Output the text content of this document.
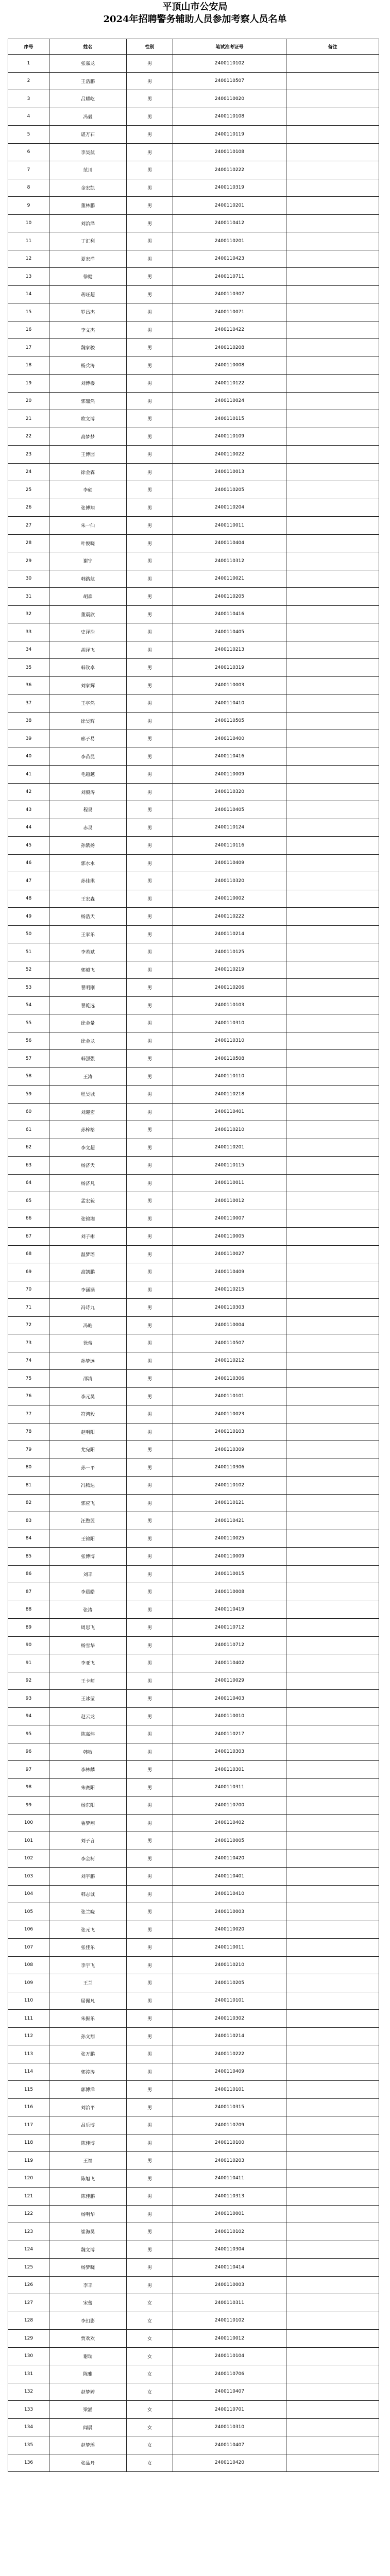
平顶山市公安局
2024年招聘警务辅助人员参加考察人员名单
序号	姓名	性别	笔试准考证号	备注
1	张嘉龙	男	2400110102	
2	王浩鹏	男	2400110507	
3	吕耀屹	男	2400110020	
4	冯毅	男	2400110108	
5	谌万石	男	2400110119	
6	李昊航	男	2400110108	
7	范川	男	2400110222	
8	金宏凯	男	2400110319	
9	董林鹏	男	2400110201	
10	刘治泽	男	2400110412	
11	丁汇利	男	2400110201	
12	夏宏洋	男	2400110423	
13	徐健	男	2400110711	
14	蒋旺超	男	2400110307	
15	罗昌杰	男	2400110071	
16	李文杰	男	2400110422	
17	魏家骏	男	2400110208	
18	杨兵涛	男	2400110008	
19	刘博楼	男	2400110122	
20	郭鼎然	男	2400110024	
21	欧文博	男	2400110115	
22	高梦梦	男	2400110109	
23	王博园	男	2400110022	
24	徐金霖	男	2400110013	
25	李硕	男	2400110205	
26	张博翔	男	2400110204	
27	朱一仙	男	2400110011	
28	叶俊晓	男	2400110404	
29	谢宁	男	2400110312	
30	韩路航	男	2400110021	
31	胡森	男	2400110205	
32	董震欣	男	2400110416	
33	史泽浩	男	2400110405	
34	胡泽飞	男	2400110213	
35	韩钦卓	男	2400110319	
36	刘家辉	男	2400110003	
37	王亭然	男	2400110410	
38	徐昊辉	男	2400110505	
39	邢子易	男	2400110400	
40	李苗昆	男	2400110416	
41	毛超越	男	2400110009	
42	刘毅涛	男	2400110320	
43	程昊	男	2400110405	
44	赤灵	男	2400110124	
45	孙紫扬	男	2400110116	
46	郭水水	男	2400110409	
47	孙佳琪	男	2400110320	
48	王宏森	男	2400110002	
49	杨浩天	男	2400110222	
50	王家乐	男	2400110214	
51	李若斌	男	2400110125	
52	郭毅飞	男	2400110219	
53	翟明刚	男	2400110206	
54	翟乾远	男	2400110103	
55	徐金量	男	2400110310	
56	徐金龙	男	2400110310	
57	韩强强	男	2400110508	
58	王涛	男	2400110110	
59	程昊城	男	2400110218	
60	刘迎宏	男	2400110401	
61	孙梓榕	男	2400110210	
62	李文超	男	2400110201	
63	杨济天	男	2400110115	
64	杨济凡	男	2400110011	
65	孟宏毅	男	2400110012	
66	张锦湘	男	2400110007	
67	刘子彬	男	2400110005	
68	温梦瑶	男	2400110027	
69	高凯鹏	男	2400110409	
70	李涵涵	男	2400110215	
71	冯诗九	男	2400110303	
72	冯皓	男	2400110004	
73	徐帝	男	2400110507	
74	孙梦远	男	2400110212	
75	邵清	男	2400110306	
76	李元昊	男	2400110101	
77	符鸿毅	男	2400110023	
78	赵明阳	男	2400110103	
79	尤宛阳	男	2400110309	
80	孙一平	男	2400110306	
81	冯腾达	男	2400110102	
82	郭应飞	男	2400110121	
83	汪煦盟	男	2400110421	
84	王锦阳	男	2400110025	
85	张博博	男	2400110009	
86	刘丰	男	2400110015	
87	李晨皓	男	2400110008	
88	张涛	男	2400110419	
89	周思飞	男	2400110712	
90	杨雪华	男	2400110712	
91	李亚飞	男	2400110402	
92	王卡师	男	2400110029	
93	王冰莹	男	2400110403	
94	赵云龙	男	2400110010	
95	陈嘉炜	男	2400110217	
96	韩敏	男	2400110303	
97	李林麟	男	2400110301	
98	朱赛阳	男	2400110311	
99	杨东阳	男	2400110700	
100	鲁梦翔	男	2400110402	
101	刘子言	男	2400110005	
102	李金柯	男	2400110420	
103	刘宇鹏	男	2400110401	
104	韩志诚	男	2400110410	
105	张兰晓	男	2400110003	
106	张元飞	男	2400110020	
107	张佳乐	男	2400110011	
108	李宇飞	男	2400110210	
109	王兰	男	2400110205	
110	屈佩凡	男	2400110101	
111	朱振乐	男	2400110302	
112	孙文翔	男	2400110214	
113	张万鹏	男	2400110222	
114	郭涛涛	男	2400110409	
115	郭博洋	男	2400110101	
116	刘治平	男	2400110315	
117	吕乐博	男	2400110709	
118	陈佳博	男	2400110100	
119	王福	男	2400110203	
120	陈旭飞	男	2400110411	
121	陈佳鹏	男	2400110313	
122	杨明华	男	2400110001	
123	崔海昊	男	2400110102	
124	魏文博	男	2400110304	
125	杨梦晓	男	2400110414	
126	李丰	男	2400110003	
127	宋蕾	女	2400110311	
128	李幻影	女	2400110102	
129	贾欢欢	女	2400110012	
130	谢瑞	女	2400110104	
131	陈雅	女	2400110706	
132	赵梦婷	女	2400110407	
133	梁涵	女	2400110701	
134	闻晨	女	2400110310	
135	赵梦瑶	女	2400110407	
136	张晶丹	女	2400110420	
